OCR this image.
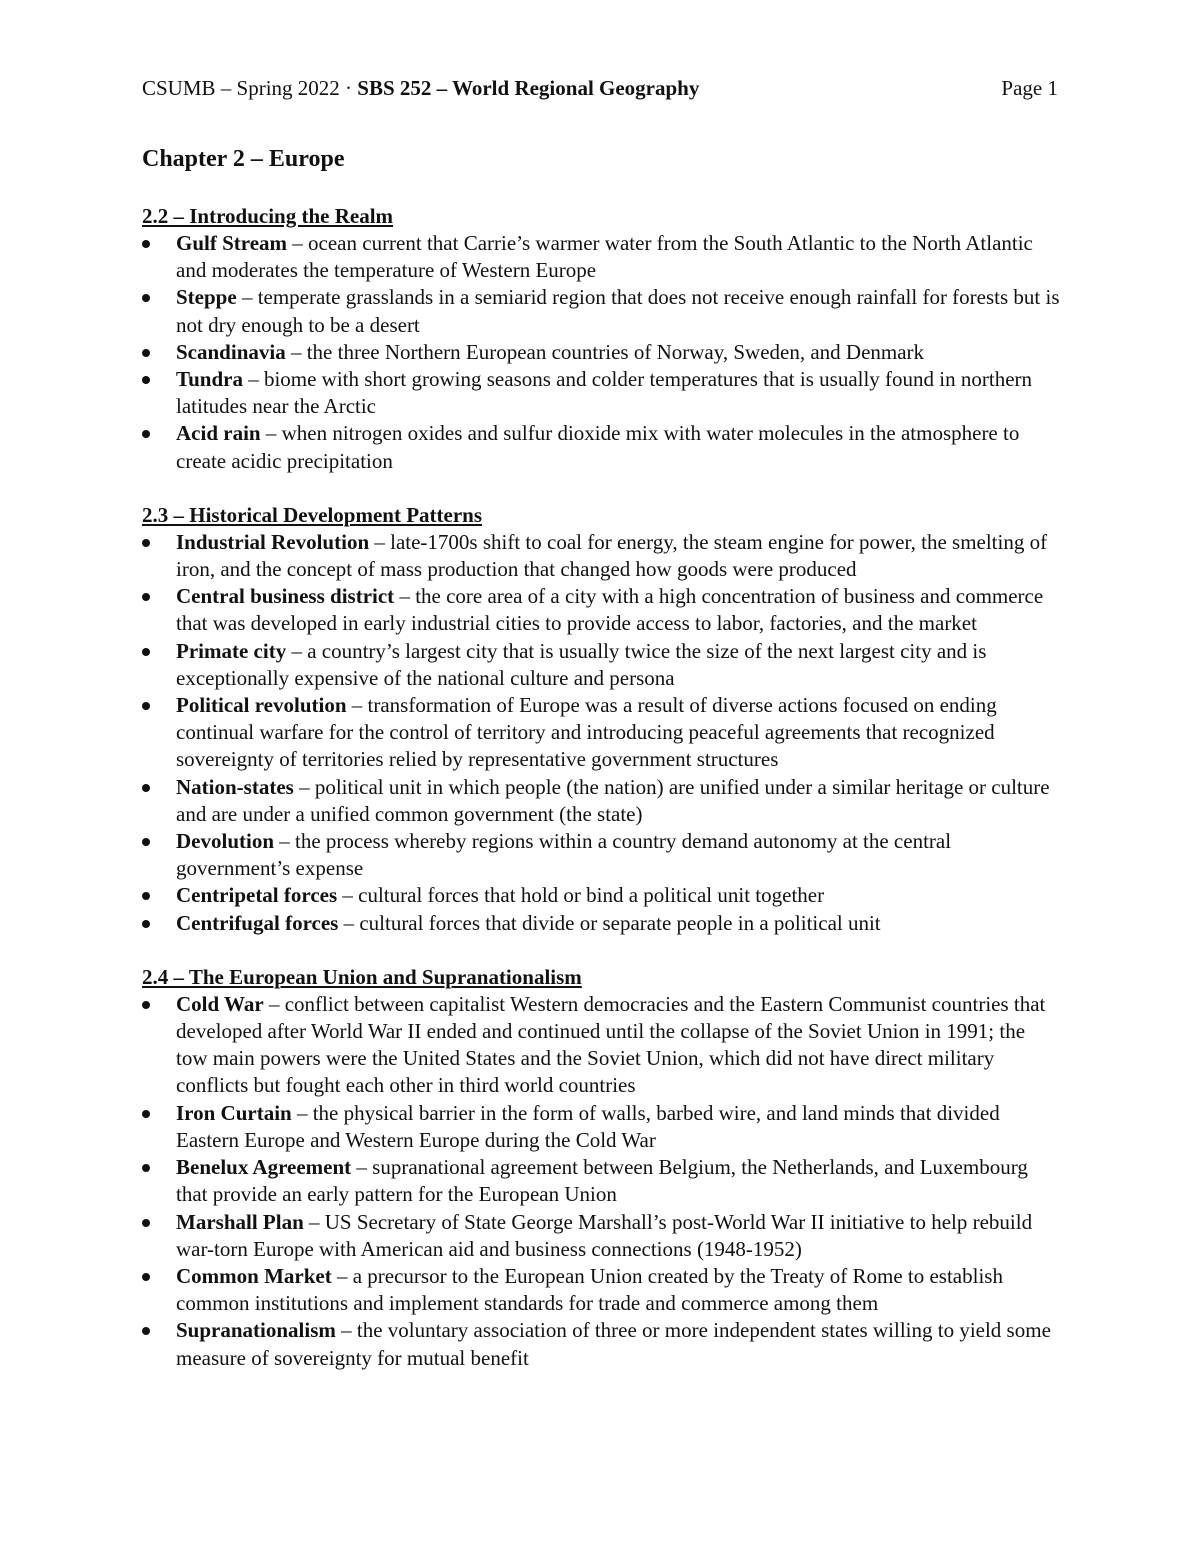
CSUMB – Spring 2022 · SBS 252 – World Regional Geography	Page 1
Chapter 2 – Europe
2.2 – Introducing the Realm
Gulf Stream – ocean current that Carrie’s warmer water from the South Atlantic to the North Atlantic and moderates the temperature of Western Europe
Steppe – temperate grasslands in a semiarid region that does not receive enough rainfall for forests but is not dry enough to be a desert
Scandinavia – the three Northern European countries of Norway, Sweden, and Denmark
Tundra – biome with short growing seasons and colder temperatures that is usually found in northern latitudes near the Arctic
Acid rain – when nitrogen oxides and sulfur dioxide mix with water molecules in the atmosphere to create acidic precipitation
2.3 – Historical Development Patterns
Industrial Revolution – late-1700s shift to coal for energy, the steam engine for power, the smelting of iron, and the concept of mass production that changed how goods were produced
Central business district – the core area of a city with a high concentration of business and commerce that was developed in early industrial cities to provide access to labor, factories, and the market
Primate city – a country’s largest city that is usually twice the size of the next largest city and is exceptionally expensive of the national culture and persona
Political revolution – transformation of Europe was a result of diverse actions focused on ending continual warfare for the control of territory and introducing peaceful agreements that recognized sovereignty of territories relied by representative government structures
Nation-states – political unit in which people (the nation) are unified under a similar heritage or culture and are under a unified common government (the state)
Devolution – the process whereby regions within a country demand autonomy at the central government’s expense
Centripetal forces – cultural forces that hold or bind a political unit together
Centrifugal forces – cultural forces that divide or separate people in a political unit
2.4 – The European Union and Supranationalism
Cold War – conflict between capitalist Western democracies and the Eastern Communist countries that developed after World War II ended and continued until the collapse of the Soviet Union in 1991; the tow main powers were the United States and the Soviet Union, which did not have direct military conflicts but fought each other in third world countries
Iron Curtain – the physical barrier in the form of walls, barbed wire, and land minds that divided Eastern Europe and Western Europe during the Cold War
Benelux Agreement – supranational agreement between Belgium, the Netherlands, and Luxembourg that provide an early pattern for the European Union
Marshall Plan – US Secretary of State George Marshall’s post-World War II initiative to help rebuild war-torn Europe with American aid and business connections (1948-1952)
Common Market – a precursor to the European Union created by the Treaty of Rome to establish common institutions and implement standards for trade and commerce among them
Supranationalism – the voluntary association of three or more independent states willing to yield some measure of sovereignty for mutual benefit
